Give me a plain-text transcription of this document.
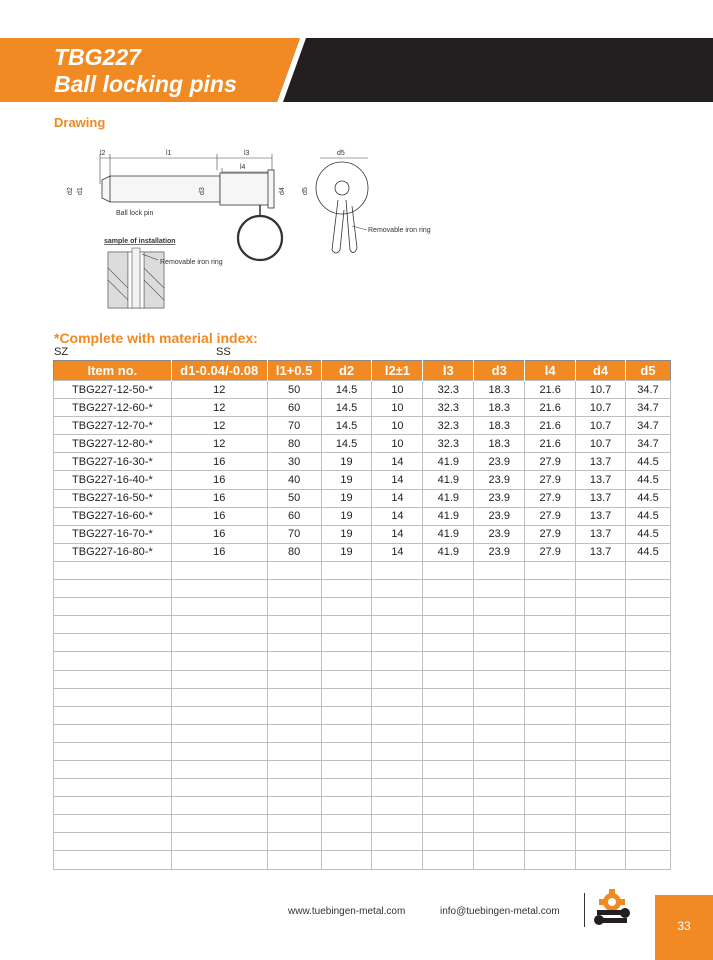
TBG227
Ball locking pins
Drawing
l2	l1	l3
l4
d5
d2 d1	d3	d4 d5
Removable iron ring
Ball lock pin
sample of installation
Removable iron ring
*Complete with material index:
SZ	SS
Item no.	d1-0.04/-0.08	l1+0.5	d2	l2±1	l3	d3	l4	d4	d5
TBG227-12-50-*	12	50	14.5	10	32.3	18.3	21.6	10.7	34.7
TBG227-12-60-*	12	60	14.5	10	32.3	18.3	21.6	10.7	34.7
TBG227-12-70-*	12	70	14.5	10	32.3	18.3	21.6	10.7	34.7
TBG227-12-80-*	12	80	14.5	10	32.3	18.3	21.6	10.7	34.7
TBG227-16-30-*	16	30	19	14	41.9	23.9	27.9	13.7	44.5
TBG227-16-40-*	16	40	19	14	41.9	23.9	27.9	13.7	44.5
TBG227-16-50-*	16	50	19	14	41.9	23.9	27.9	13.7	44.5
TBG227-16-60-*	16	60	19	14	41.9	23.9	27.9	13.7	44.5
TBG227-16-70-*	16	70	19	14	41.9	23.9	27.9	13.7	44.5
TBG227-16-80-*	16	80	19	14	41.9	23.9	27.9	13.7	44.5

www.tuebingen-metal.com	info@tuebingen-metal.com
33
